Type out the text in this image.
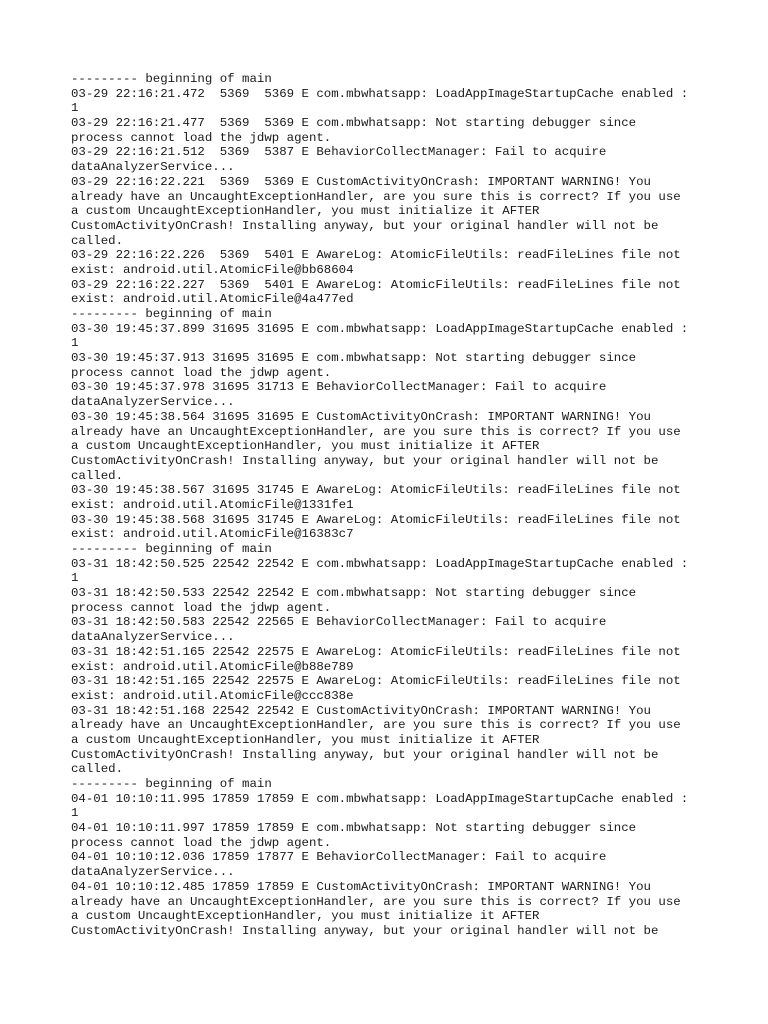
--------- beginning of main
03-29 22:16:21.472  5369  5369 E com.mbwhatsapp: LoadAppImageStartupCache enabled :
1
03-29 22:16:21.477  5369  5369 E com.mbwhatsapp: Not starting debugger since
process cannot load the jdwp agent.
03-29 22:16:21.512  5369  5387 E BehaviorCollectManager: Fail to acquire
dataAnalyzerService...
03-29 22:16:22.221  5369  5369 E CustomActivityOnCrash: IMPORTANT WARNING! You
already have an UncaughtExceptionHandler, are you sure this is correct? If you use
a custom UncaughtExceptionHandler, you must initialize it AFTER
CustomActivityOnCrash! Installing anyway, but your original handler will not be
called.
03-29 22:16:22.226  5369  5401 E AwareLog: AtomicFileUtils: readFileLines file not
exist: android.util.AtomicFile@bb68604
03-29 22:16:22.227  5369  5401 E AwareLog: AtomicFileUtils: readFileLines file not
exist: android.util.AtomicFile@4a477ed
--------- beginning of main
03-30 19:45:37.899 31695 31695 E com.mbwhatsapp: LoadAppImageStartupCache enabled :
1
03-30 19:45:37.913 31695 31695 E com.mbwhatsapp: Not starting debugger since
process cannot load the jdwp agent.
03-30 19:45:37.978 31695 31713 E BehaviorCollectManager: Fail to acquire
dataAnalyzerService...
03-30 19:45:38.564 31695 31695 E CustomActivityOnCrash: IMPORTANT WARNING! You
already have an UncaughtExceptionHandler, are you sure this is correct? If you use
a custom UncaughtExceptionHandler, you must initialize it AFTER
CustomActivityOnCrash! Installing anyway, but your original handler will not be
called.
03-30 19:45:38.567 31695 31745 E AwareLog: AtomicFileUtils: readFileLines file not
exist: android.util.AtomicFile@1331fe1
03-30 19:45:38.568 31695 31745 E AwareLog: AtomicFileUtils: readFileLines file not
exist: android.util.AtomicFile@16383c7
--------- beginning of main
03-31 18:42:50.525 22542 22542 E com.mbwhatsapp: LoadAppImageStartupCache enabled :
1
03-31 18:42:50.533 22542 22542 E com.mbwhatsapp: Not starting debugger since
process cannot load the jdwp agent.
03-31 18:42:50.583 22542 22565 E BehaviorCollectManager: Fail to acquire
dataAnalyzerService...
03-31 18:42:51.165 22542 22575 E AwareLog: AtomicFileUtils: readFileLines file not
exist: android.util.AtomicFile@b88e789
03-31 18:42:51.165 22542 22575 E AwareLog: AtomicFileUtils: readFileLines file not
exist: android.util.AtomicFile@ccc838e
03-31 18:42:51.168 22542 22542 E CustomActivityOnCrash: IMPORTANT WARNING! You
already have an UncaughtExceptionHandler, are you sure this is correct? If you use
a custom UncaughtExceptionHandler, you must initialize it AFTER
CustomActivityOnCrash! Installing anyway, but your original handler will not be
called.
--------- beginning of main
04-01 10:10:11.995 17859 17859 E com.mbwhatsapp: LoadAppImageStartupCache enabled :
1
04-01 10:10:11.997 17859 17859 E com.mbwhatsapp: Not starting debugger since
process cannot load the jdwp agent.
04-01 10:10:12.036 17859 17877 E BehaviorCollectManager: Fail to acquire
dataAnalyzerService...
04-01 10:10:12.485 17859 17859 E CustomActivityOnCrash: IMPORTANT WARNING! You
already have an UncaughtExceptionHandler, are you sure this is correct? If you use
a custom UncaughtExceptionHandler, you must initialize it AFTER
CustomActivityOnCrash! Installing anyway, but your original handler will not be
